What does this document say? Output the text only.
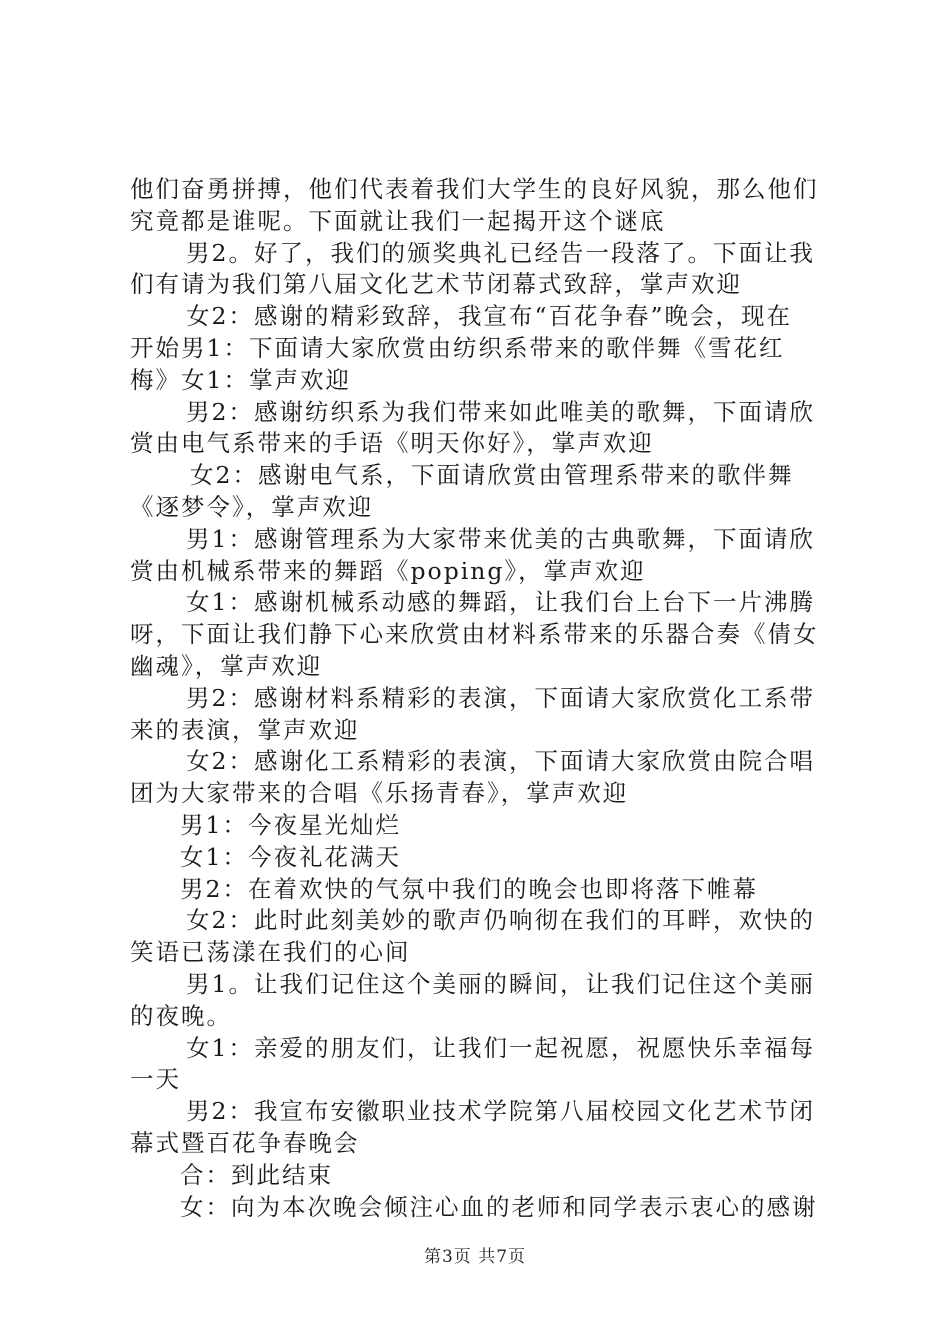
他们奋勇拼搏，他们代表着我们大学生的良好风貌，那么他们
究竟都是谁呢。下面就让我们一起揭开这个谜底

男2。好了，我们的颁奖典礼已经告一段落了。下面让我
们有请为我们第八届文化艺术节闭幕式致辞，掌声欢迎

女2：感谢的精彩致辞，我宣布“百花争春”晚会，现在
开始男1：下面请大家欣赏由纺织系带来的歌伴舞《雪花红
梅》女1：掌声欢迎

男2：感谢纺织系为我们带来如此唯美的歌舞，下面请欣
赏由电气系带来的手语《明天你好》，掌声欢迎

女2：感谢电气系，下面请欣赏由管理系带来的歌伴舞
《逐梦令》，掌声欢迎

男1：感谢管理系为大家带来优美的古典歌舞，下面请欣
赏由机械系带来的舞蹈《poping》，掌声欢迎

女1：感谢机械系动感的舞蹈，让我们台上台下一片沸腾
呀，下面让我们静下心来欣赏由材料系带来的乐器合奏《倩女
幽魂》，掌声欢迎

男2：感谢材料系精彩的表演，下面请大家欣赏化工系带
来的表演，掌声欢迎

女2：感谢化工系精彩的表演，下面请大家欣赏由院合唱
团为大家带来的合唱《乐扬青春》，掌声欢迎

男1：今夜星光灿烂

女1：今夜礼花满天

男2：在着欢快的气氛中我们的晚会也即将落下帷幕

女2：此时此刻美妙的歌声仍响彻在我们的耳畔，欢快的
笑语已荡漾在我们的心间

男1。让我们记住这个美丽的瞬间，让我们记住这个美丽
的夜晚。

女1：亲爱的朋友们，让我们一起祝愿，祝愿快乐幸福每
一天

男2：我宣布安徽职业技术学院第八届校园文化艺术节闭
幕式暨百花争春晚会

合：到此结束

女：向为本次晚会倾注心血的老师和同学表示衷心的感谢

第3页 共7页
